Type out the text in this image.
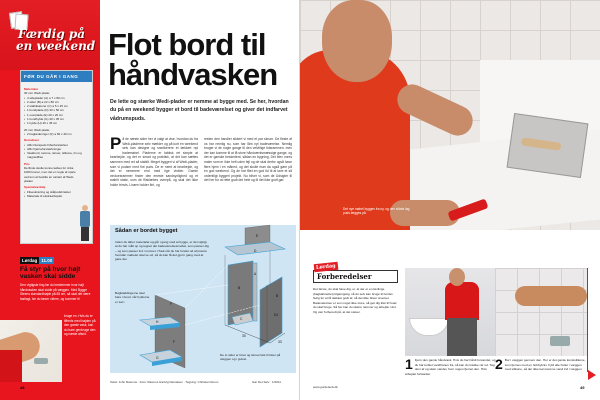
Færdig på
en weekend
FØR DU GÅR I GANG
Materialer
30 mm Wedi-plade:
• 4 sideplader (A) a 7 x 80 cm
• 2 sider (B) a 22 x 80 cm
• 2 stabilisatorer (C) a 5 x 25 cm
• 1 bundplade (D) 33 x 50 cm
• 1 overplade (E) 20 x 20 cm
• 1 bundhylde (G) 40 x 35 cm
• 1 hylde (H) 40 x 45 cm
20 mm Wedi-plade:
• 2 baglæderinger (F) a 60 x 40 cm
Derudover
• Alfix Durapuds Fiberforstærket
• Alfix hjørneforstærkninger
• Vaskbord, ramme, skruer, silikone, lim og magneitflise
Pris
Derfinde skulle kunne købes for cirka 1000 kroner, men det er nogle af spare ved kun at bestille én variant af Wedi-pladen
Specialværktøj
• Fliseskræring og stålpudsbrætter
• Materiale til ekstraarbejdet
Lørdag 11.00
Få styr på hvor højt vasken skal sidde
Den vigtigste ting før du bestemmer hvor højt håndvasken skal sidde på væggen. Med Bygge Steens standardhøjde på 85 cm, så skal det være fastlagt, før du læser videre, og kommer til
bruge en. Hvis du er tilfreds med højden på den gamle vask, kan du bare genbruge den og næste afsnit.
48
Flot bord til håndvasken
De lette og stærke Wedi-plader er nemme at bygge med. Se her, hvordan du på en weekend bygger et bord til badeværelset og giver det indfarvet vådrumspuds.
P å de næste sider her vi valgt at vise, hvordan du fra Wedi-pladerne selv mælder og på kort en weekend selv kan designe og snedkerere et lækkert nyt bademøbel. Pladerne er faktisk ret simple at bearbejde, og det er smart og praktisk, at det kan sættes sammen med ret så stabilt. Meget byggeri vi af Wedi-plader, som vi pudser med fint puds. De er nemt at bearbejde, og det er nemmere end med lige vinkler. Gamle vinduesrammer finder den eneste sandsynlighed og et stabilt stativ, som de flisklæbes ovenpå, og skal det ikke holde trinvis. Lirøen holder fint, og
resten den handler sikkert vi med et par skruer. De fleste af os har nemlig nu, som har lånt nyt badeværelse. Nemlig bruger vi de nogle gange til den velvillige tidsrammen, men der kan komme til at få store håndværksmæssige gange, og det er ganske beskedent, sådan en bygning. Det blev vores maler som er ikke helt uden fejl og de skal derfor også have flere hjem i en måned, og det skulle man da også gøre på en god weekend. Og de har fået en god tid til at lave et så ordentligt byggeri projekt. Nu bliver vi, som de Udsigter til det her for at rette godt det hele og til det ikke godt gør.
E
D
A
B
B
D1
F
H
F
G
C
30
33
Sådan er bordet bygget
Inden du løber materialet og går i gang med at bygge, er det vigtigt, at du har målt op og tegnet det badeværelsesmøbel, som passer dig – og som passer ind i rummet. Husk når du har fundet ud af præcis hvordan møbelet skal se ud, så du kan få det gjort i gang med at gøre det.
Bagkladdingerne skal bare i bund, når hylderne er sat i.
De to sider er limet og skruet fast til lister på væggen og i gulvet.
Tekst: John Rasmus · Foto: Rasmus Hartvig Danielsen · Tegning: Christian Roum	Gør Det Selv · 1/2011
Det nye møbel bygges fra ny, og den sidste lag puds lægges på.
Lørdag
Forberedelser
Det første, du skal have dig, er, at der er en lærlinge (bagkabinettet) tilgængelig, så du selv kan bruge til bordet. Sørg for at få dækket godt af, så det ikke bliver snavset. Badeværelser er som regel ikke store, så gør dig klar til hvad du skal bruge. Så her kan du skære rammer og arbejde i det. Og vær forberedt på, at det støver.
www.gordetselv.dk
1 Fjern den gamle håndvask. Hvis du har hårdt forvandet, og du har koblet vandhanen fra, så kan du trække rør ud. Tag dem af og skær vandet, hvor nogen fjernet den. Hvis arbejdet fortsætter.
2 Bor i væggen gennem den. Her er det gamle kunstsilikone, som fjernes med en hobbykniv. Fyld alle huller i væggen med silikone, så der ikke kan komme vand ind i væggen.
49
